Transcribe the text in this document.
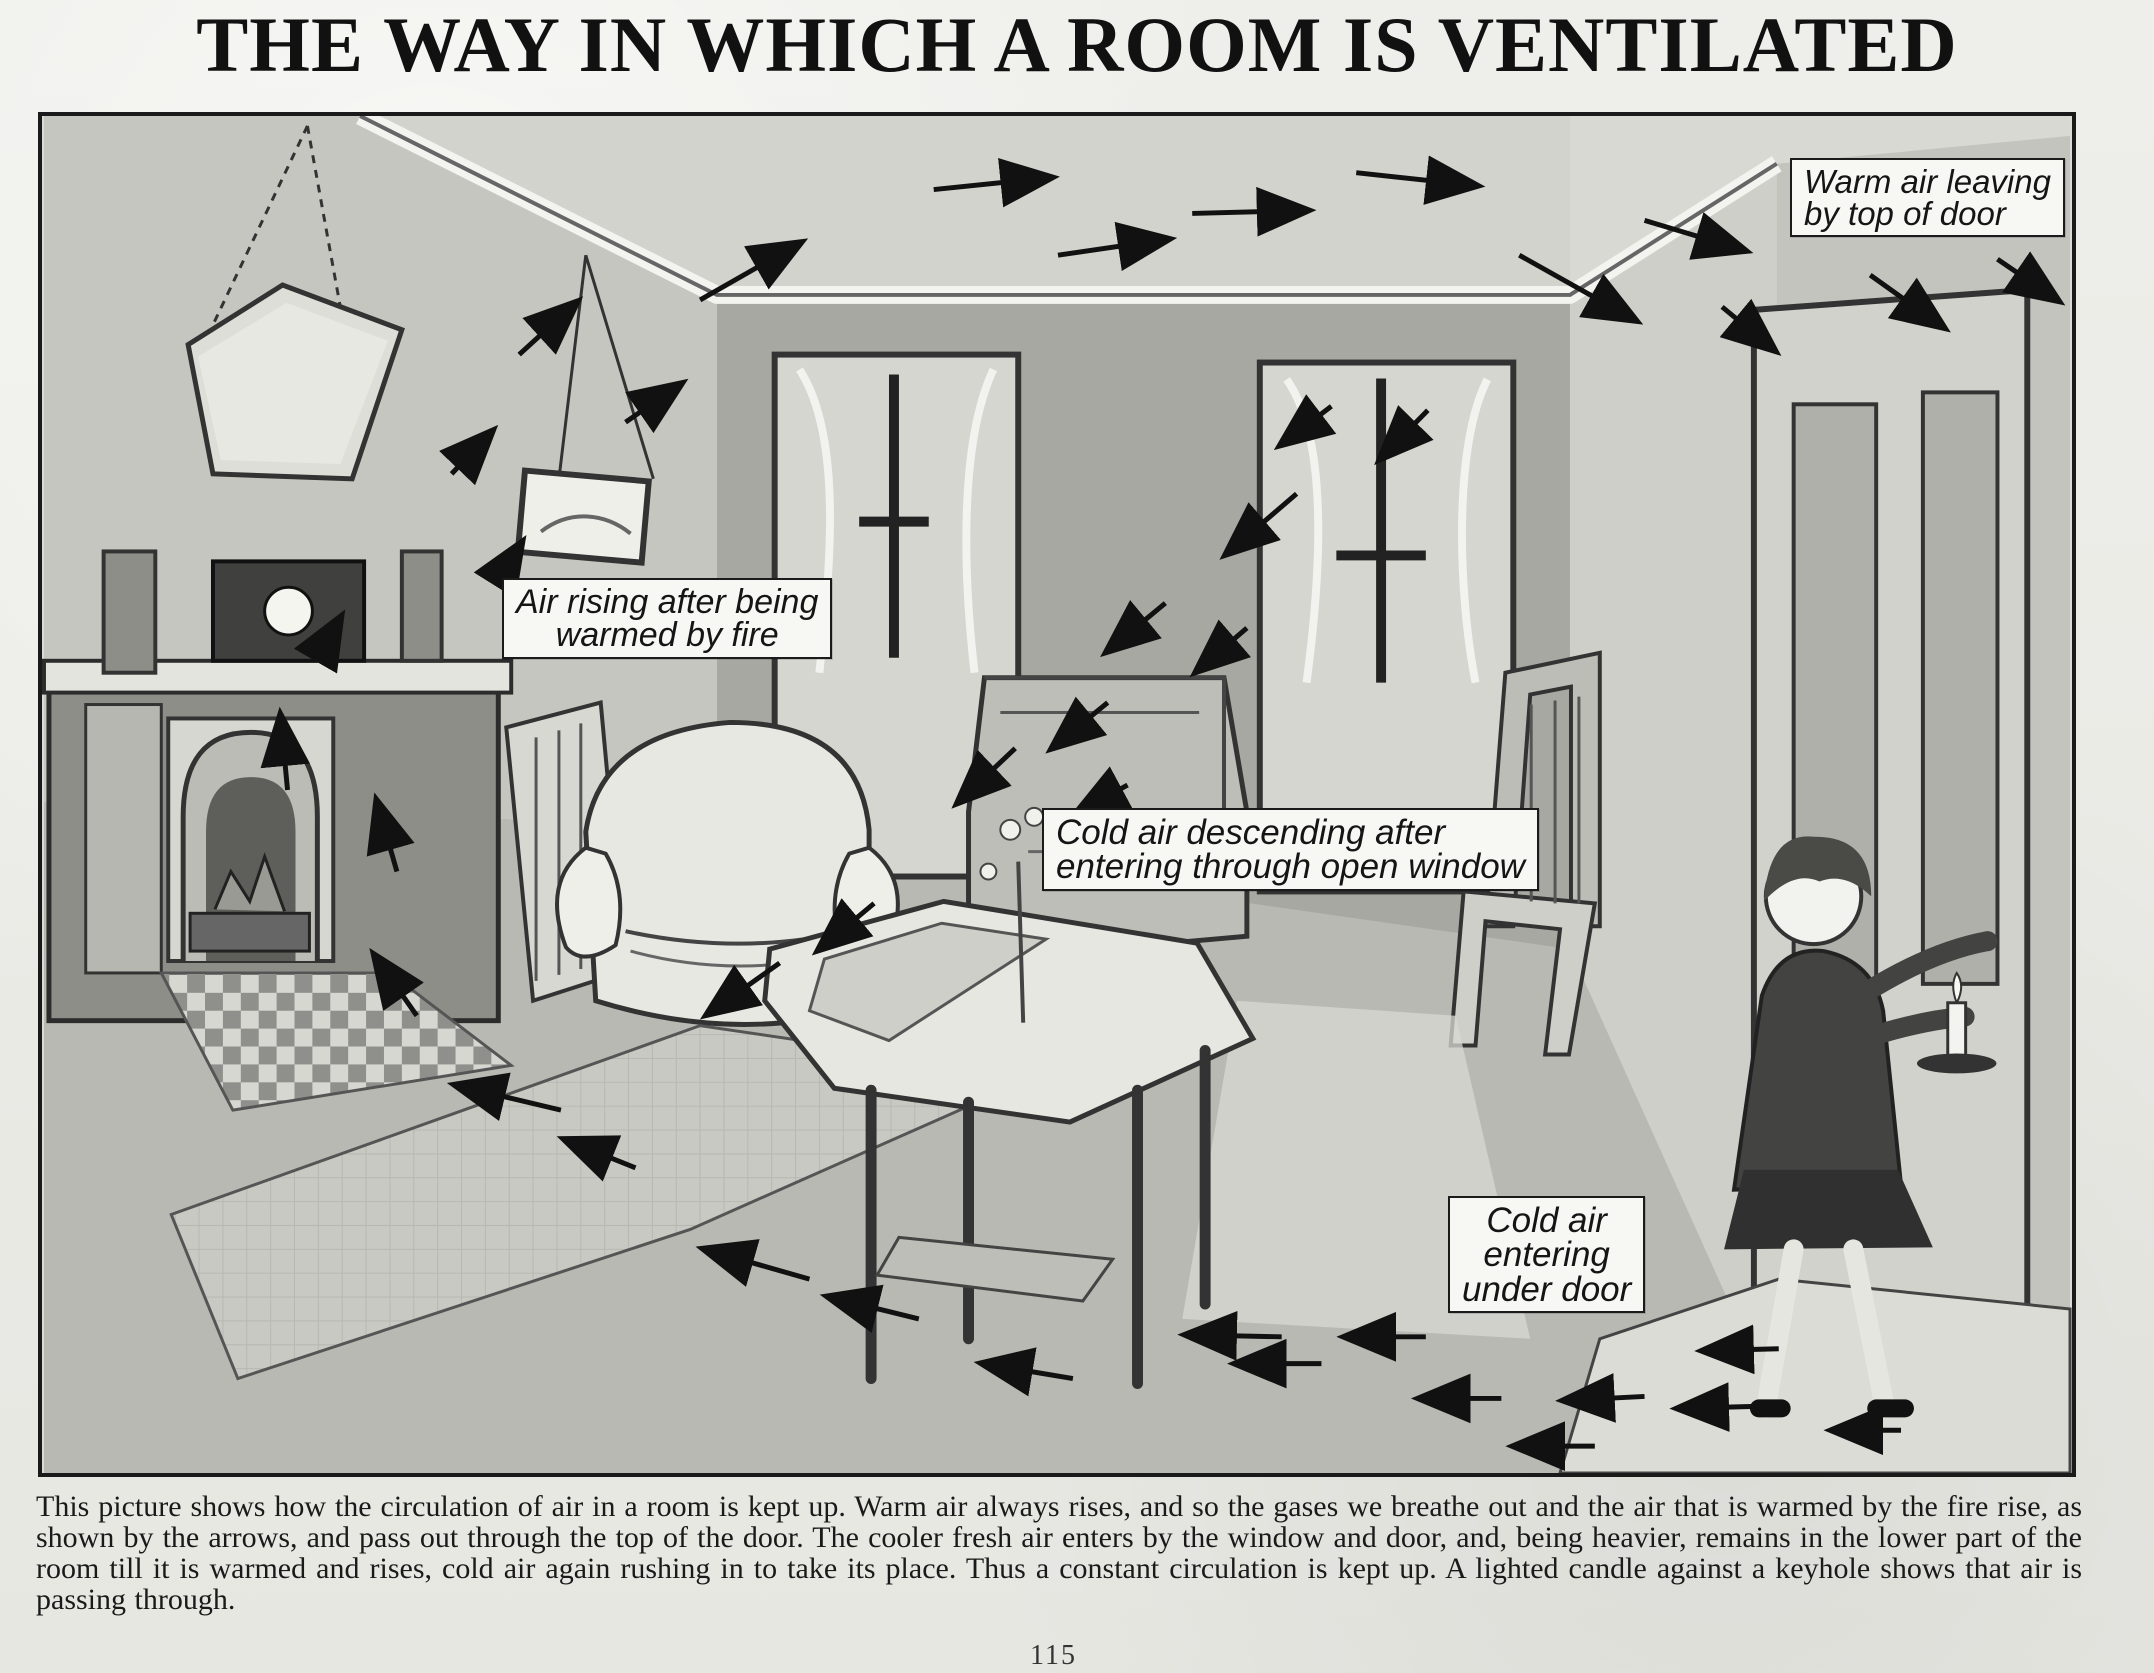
THE WAY IN WHICH A ROOM IS VENTILATED
Warm air leaving
by top of door
Air rising after being
warmed by fire
Cold air descending after
entering through open window
Cold air
entering
under door
This picture shows how the circulation of air in a room is kept up. Warm air always rises, and so the gases we breathe out and the air that is warmed by the fire rise, as shown by the arrows, and pass out through the top of the door. The cooler fresh air enters by the window and door, and, being heavier, remains in the lower part of the room till it is warmed and rises, cold air again rushing in to take its place. Thus a constant circulation is kept up. A lighted candle against a keyhole shows that air is passing through.
115
